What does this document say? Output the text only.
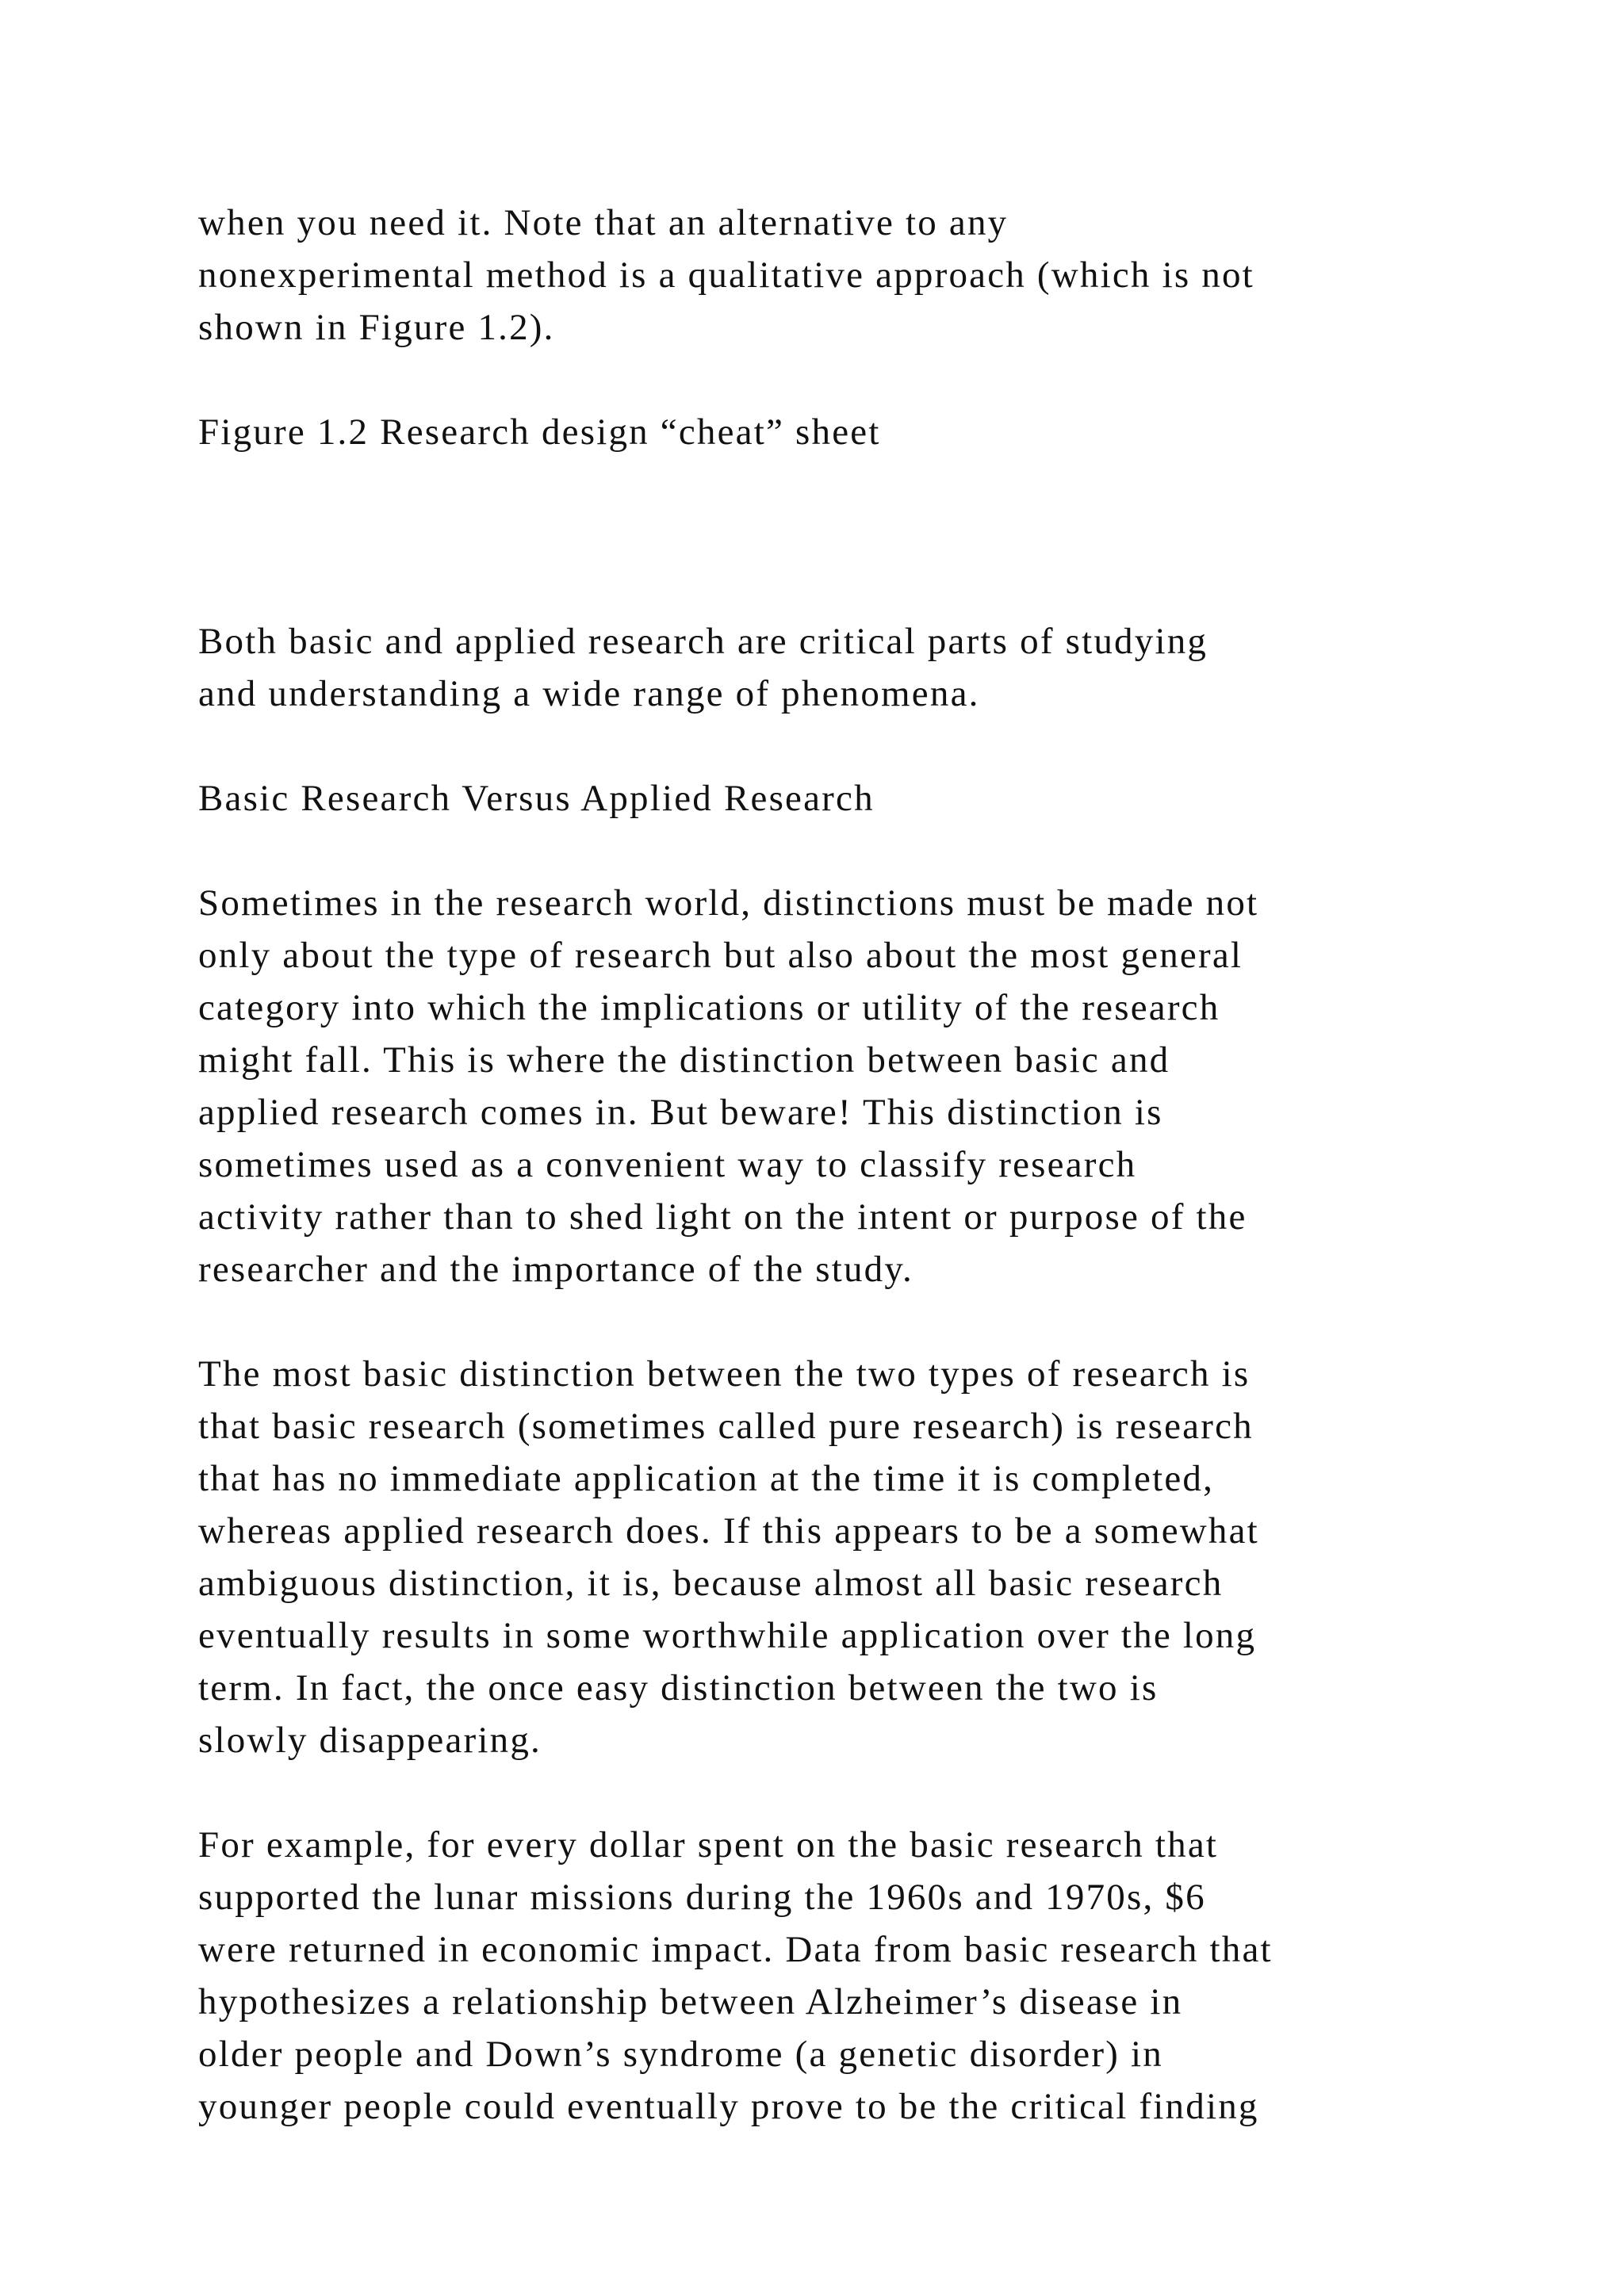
when you need it. Note that an alternative to any
nonexperimental method is a qualitative approach (which is not
shown in Figure 1.2).

Figure 1.2 Research design “cheat” sheet

Both basic and applied research are critical parts of studying
and understanding a wide range of phenomena.

Basic Research Versus Applied Research

Sometimes in the research world, distinctions must be made not
only about the type of research but also about the most general
category into which the implications or utility of the research
might fall. This is where the distinction between basic and
applied research comes in. But beware! This distinction is
sometimes used as a convenient way to classify research
activity rather than to shed light on the intent or purpose of the
researcher and the importance of the study.

The most basic distinction between the two types of research is
that basic research (sometimes called pure research) is research
that has no immediate application at the time it is completed,
whereas applied research does. If this appears to be a somewhat
ambiguous distinction, it is, because almost all basic research
eventually results in some worthwhile application over the long
term. In fact, the once easy distinction between the two is
slowly disappearing.

For example, for every dollar spent on the basic research that
supported the lunar missions during the 1960s and 1970s, $6
were returned in economic impact. Data from basic research that
hypothesizes a relationship between Alzheimer’s disease in
older people and Down’s syndrome (a genetic disorder) in
younger people could eventually prove to be the critical finding
